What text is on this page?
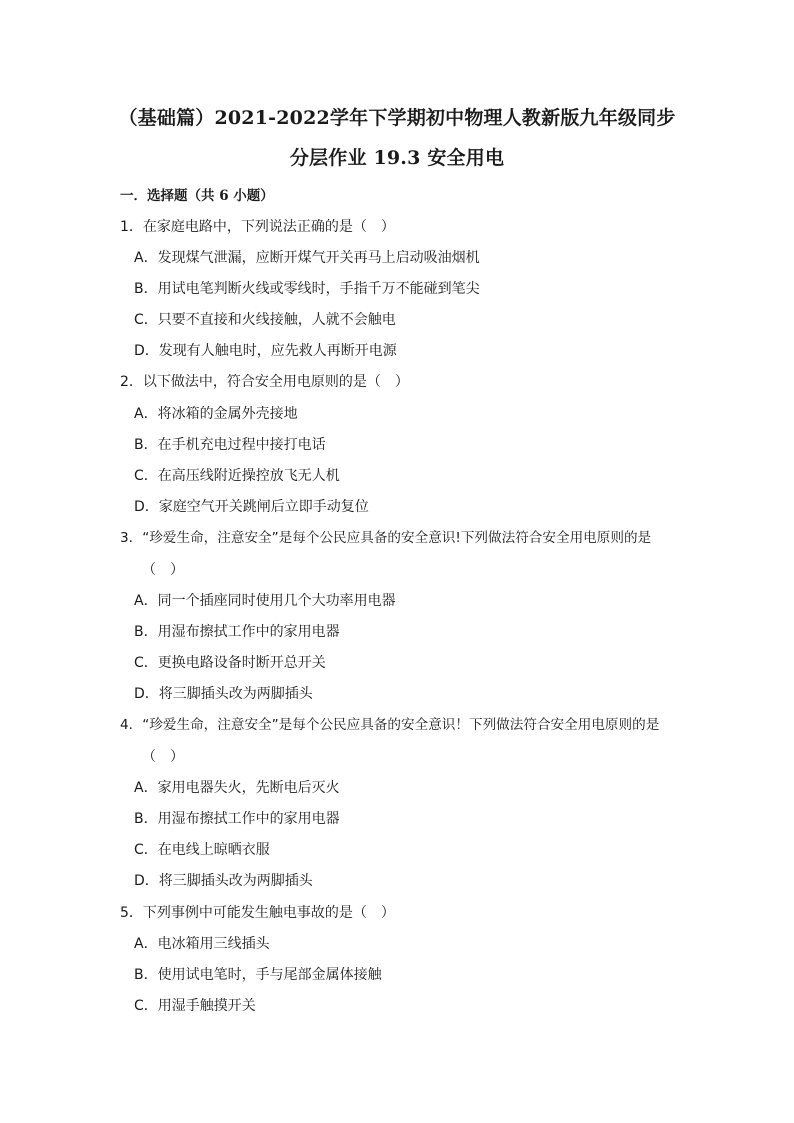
（基础篇）2021-2022学年下学期初中物理人教新版九年级同步
分层作业 19.3 安全用电
一．选择题（共 6 小题）
1．在家庭电路中，下列说法正确的是（　）
A．发现煤气泄漏，应断开煤气开关再马上启动吸油烟机
B．用试电笔判断火线或零线时，手指千万不能碰到笔尖
C．只要不直接和火线接触，人就不会触电
D．发现有人触电时，应先救人再断开电源
2．以下做法中，符合安全用电原则的是（　）
A．将冰箱的金属外壳接地
B．在手机充电过程中接打电话
C．在高压线附近操控放飞无人机
D．家庭空气开关跳闸后立即手动复位
3．“珍爱生命，注意安全”是每个公民应具备的安全意识!下列做法符合安全用电原则的是
（　）
A．同一个插座同时使用几个大功率用电器
B．用湿布擦拭工作中的家用电器
C．更换电路设备时断开总开关
D．将三脚插头改为两脚插头
4．“珍爱生命，注意安全”是每个公民应具备的安全意识！下列做法符合安全用电原则的是
（　）
A．家用电器失火，先断电后灭火
B．用湿布擦拭工作中的家用电器
C．在电线上晾晒衣服
D．将三脚插头改为两脚插头
5．下列事例中可能发生触电事故的是（　）
A．电冰箱用三线插头
B．使用试电笔时，手与尾部金属体接触
C．用湿手触摸开关
